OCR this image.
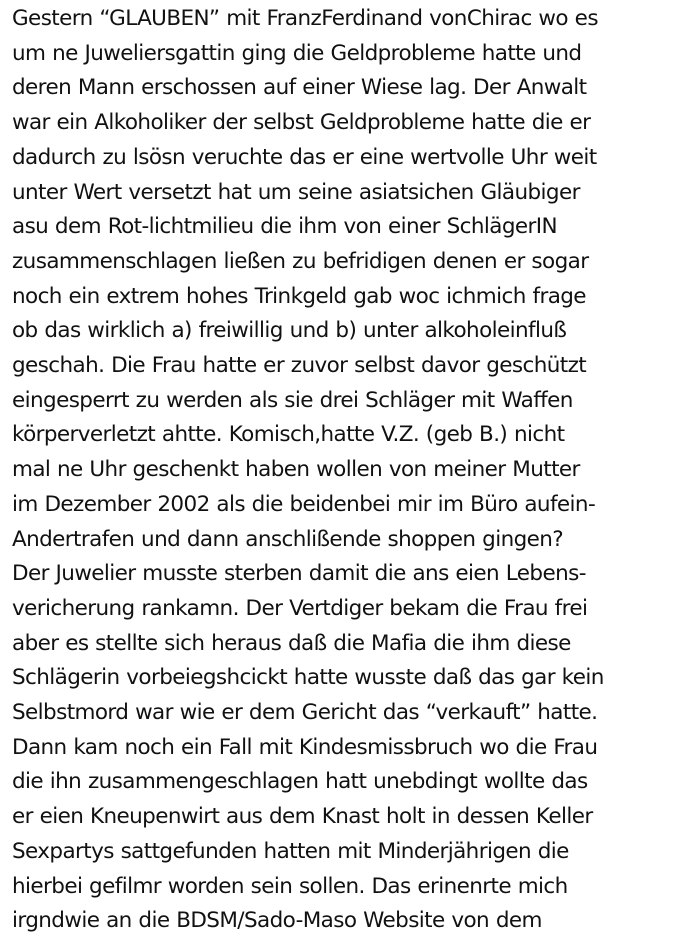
Gestern “GLAUBEN” mit FranzFerdinand vonChirac wo es
um ne Juweliersgattin ging die Geldprobleme hatte und
deren Mann erschossen auf einer Wiese lag. Der Anwalt
war ein Alkoholiker der selbst Geldprobleme hatte die er
dadurch zu lsösn veruchte das er eine wertvolle Uhr weit
unter Wert versetzt hat um seine asiatsichen Gläubiger
asu dem Rot-lichtmilieu die ihm von einer SchlägerIN
zusammenschlagen ließen zu befridigen denen er sogar
noch ein extrem hohes Trinkgeld gab woc ichmich frage
ob das wirklich a) freiwillig und b) unter alkoholeinfluß
geschah. Die Frau hatte er zuvor selbst davor geschützt
eingesperrt zu werden als sie drei Schläger mit Waffen
körperverletzt ahtte. Komisch,hatte V.Z. (geb B.) nicht
mal ne Uhr geschenkt haben wollen von meiner Mutter
im Dezember 2002 als die beidenbei mir im Büro aufein-
Andertrafen und dann anschlißende shoppen gingen?
Der Juwelier musste sterben damit die ans eien Lebens-
vericherung rankamn. Der Vertdiger bekam die Frau frei
aber es stellte sich heraus daß die Mafia die ihm diese
Schlägerin vorbeiegshcickt hatte wusste daß das gar kein
Selbstmord war wie er dem Gericht das “verkauft” hatte.
Dann kam noch ein Fall mit Kindesmissbruch wo die Frau
die ihn zusammengeschlagen hatt unebdingt wollte das
er eien Kneupenwirt aus dem Knast holt in dessen Keller
Sexpartys sattgefunden hatten mit Minderjährigen die
hierbei gefilmr worden sein sollen. Das erinenrte mich
irgndwie an die BDSM/Sado-Maso Website von dem
